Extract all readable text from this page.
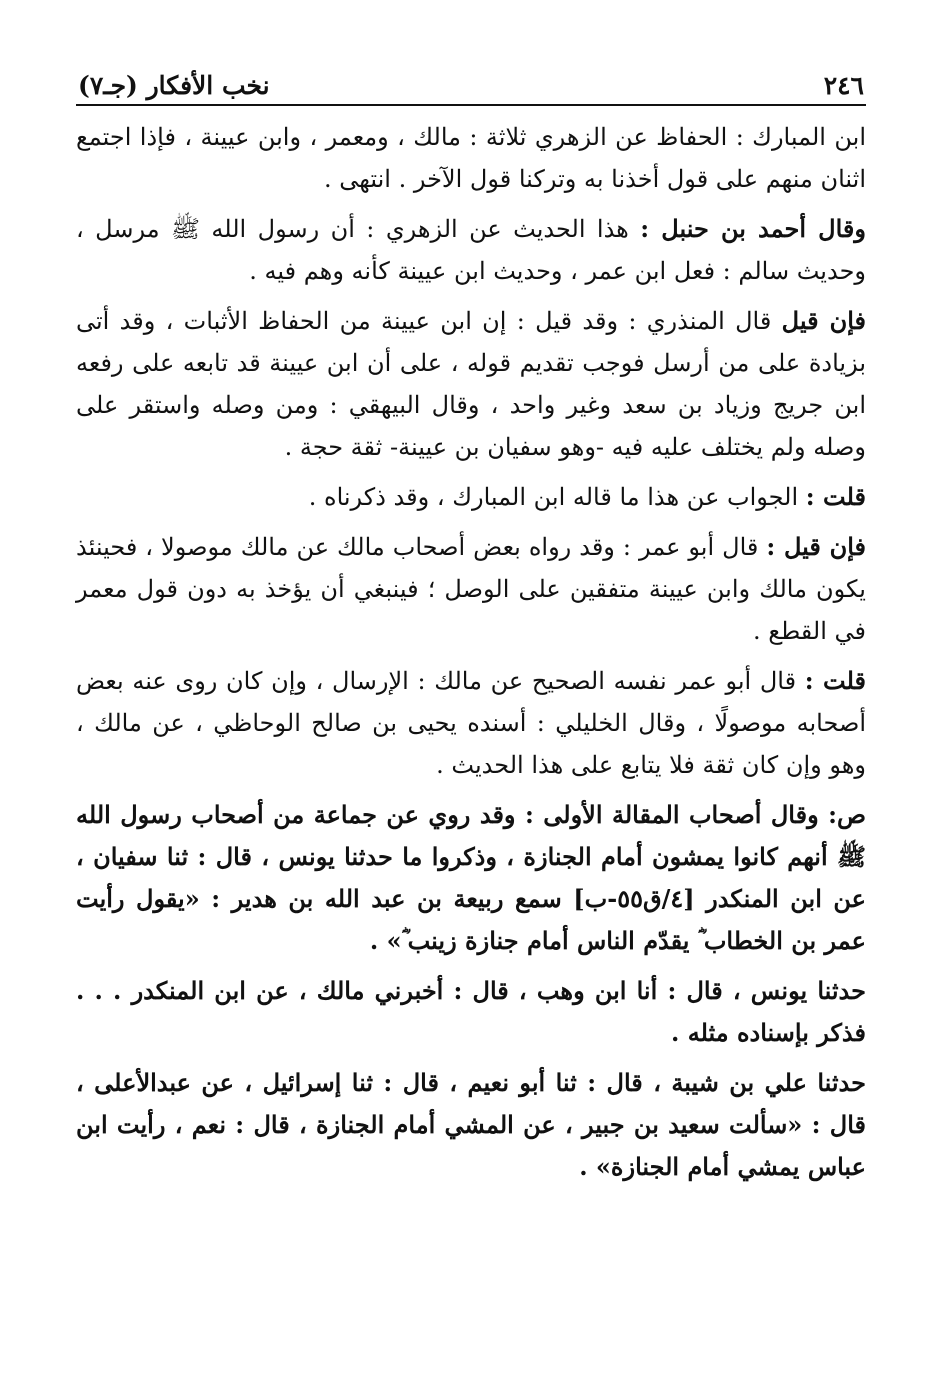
٢٤٦
نخب الأفكار (جـ٧)

ابن المبارك : الحفاظ عن الزهري ثلاثة : مالك ، ومعمر ، وابن عيينة ، فإذا اجتمع اثنان منهم على قول أخذنا به وتركنا قول الآخر . انتهى .

وقال أحمد بن حنبل : هذا الحديث عن الزهري : أن رسول الله ﷺ مرسل ، وحديث سالم : فعل ابن عمر ، وحديث ابن عيينة كأنه وهم فيه .

فإن قيل قال المنذري : وقد قيل : إن ابن عيينة من الحفاظ الأثبات ، وقد أتى بزيادة على من أرسل فوجب تقديم قوله ، على أن ابن عيينة قد تابعه على رفعه ابن جريج وزياد بن سعد وغير واحد ، وقال البيهقي : ومن وصله واستقر على وصله ولم يختلف عليه فيه -وهو سفيان بن عيينة- ثقة حجة .

قلت : الجواب عن هذا ما قاله ابن المبارك ، وقد ذكرناه .

فإن قيل : قال أبو عمر : وقد رواه بعض أصحاب مالك عن مالك موصولا ، فحينئذ يكون مالك وابن عيينة متفقين على الوصل ؛ فينبغي أن يؤخذ به دون قول معمر في القطع .

قلت : قال أبو عمر نفسه الصحيح عن مالك : الإرسال ، وإن كان روى عنه بعض أصحابه موصولًا ، وقال الخليلي : أسنده يحيى بن صالح الوحاظي ، عن مالك ، وهو وإن كان ثقة فلا يتابع على هذا الحديث .

ص: وقال أصحاب المقالة الأولى : وقد روي عن جماعة من أصحاب رسول الله ﷺ أنهم كانوا يمشون أمام الجنازة ، وذكروا ما حدثنا يونس ، قال : ثنا سفيان ، عن ابن المنكدر [٤/ق٥٥-ب] سمع ربيعة بن عبد الله بن هدير : «يقول رأيت عمر بن الخطاب ؓ يقدّم الناس أمام جنازة زينب ؓ» .

حدثنا يونس ، قال : أنا ابن وهب ، قال : أخبرني مالك ، عن ابن المنكدر . . . فذكر بإسناده مثله .

حدثنا علي بن شيبة ، قال : ثنا أبو نعيم ، قال : ثنا إسرائيل ، عن عبدالأعلى ، قال : «سألت سعيد بن جبير ، عن المشي أمام الجنازة ، قال : نعم ، رأيت ابن عباس يمشي أمام الجنازة» .
